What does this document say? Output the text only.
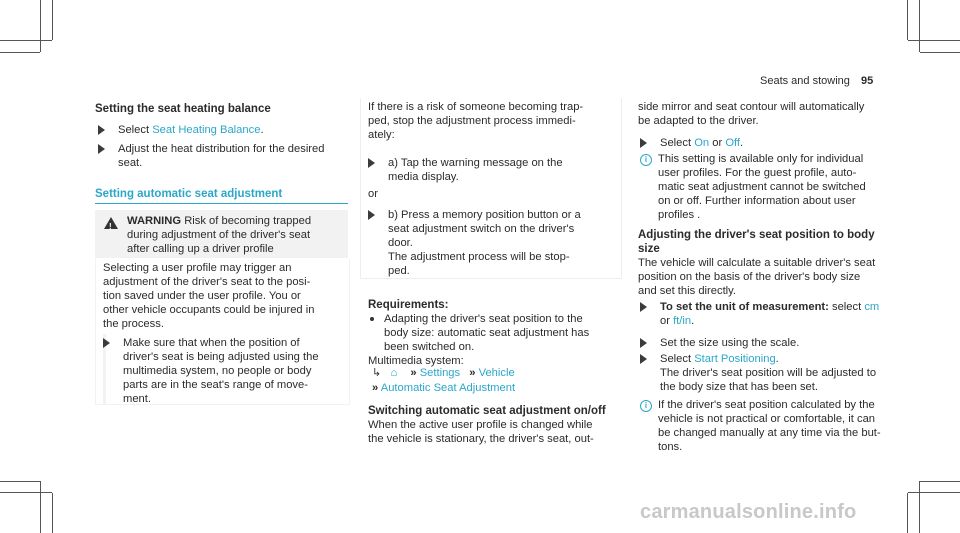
Seats and stowing 95
Setting the seat heating balance
Select Seat Heating Balance.
Adjust the heat distribution for the desired
seat.
Setting automatic seat adjustment
! WARNING Risk of becoming trapped
during adjustment of the driver's seat
after calling up a driver profile
Selecting a user profile may trigger an
adjustment of the driver's seat to the posi-
tion saved under the user profile. You or
other vehicle occupants could be injured in
the process.
Make sure that when the position of
driver's seat is being adjusted using the
multimedia system, no people or body
parts are in the seat's range of move-
ment.
If there is a risk of someone becoming trap-
ped, stop the adjustment process immedi-
ately:
a) Tap the warning message on the
media display.
or
b) Press a memory position button or a
seat adjustment switch on the driver's
door.
The adjustment process will be stop-
ped.
Requirements:
Adapting the driver's seat position to the
body size: automatic seat adjustment has
been switched on.
Multimedia system:
↳ ⌂ » Settings » Vehicle
» Automatic Seat Adjustment
Switching automatic seat adjustment on/off
When the active user profile is changed while
the vehicle is stationary, the driver's seat, out-
side mirror and seat contour will automatically
be adapted to the driver.
Select On or Off.
i This setting is available only for individual
user profiles. For the guest profile, auto-
matic seat adjustment cannot be switched
on or off. Further information about user
profiles .
Adjusting the driver's seat position to body
size
The vehicle will calculate a suitable driver's seat
position on the basis of the driver's body size
and set this directly.
To set the unit of measurement: select cm
or ft/in.
Set the size using the scale.
Select Start Positioning.
The driver's seat position will be adjusted to
the body size that has been set.
i If the driver's seat position calculated by the
vehicle is not practical or comfortable, it can
be changed manually at any time via the but-
tons.
carmanualsonline.info
